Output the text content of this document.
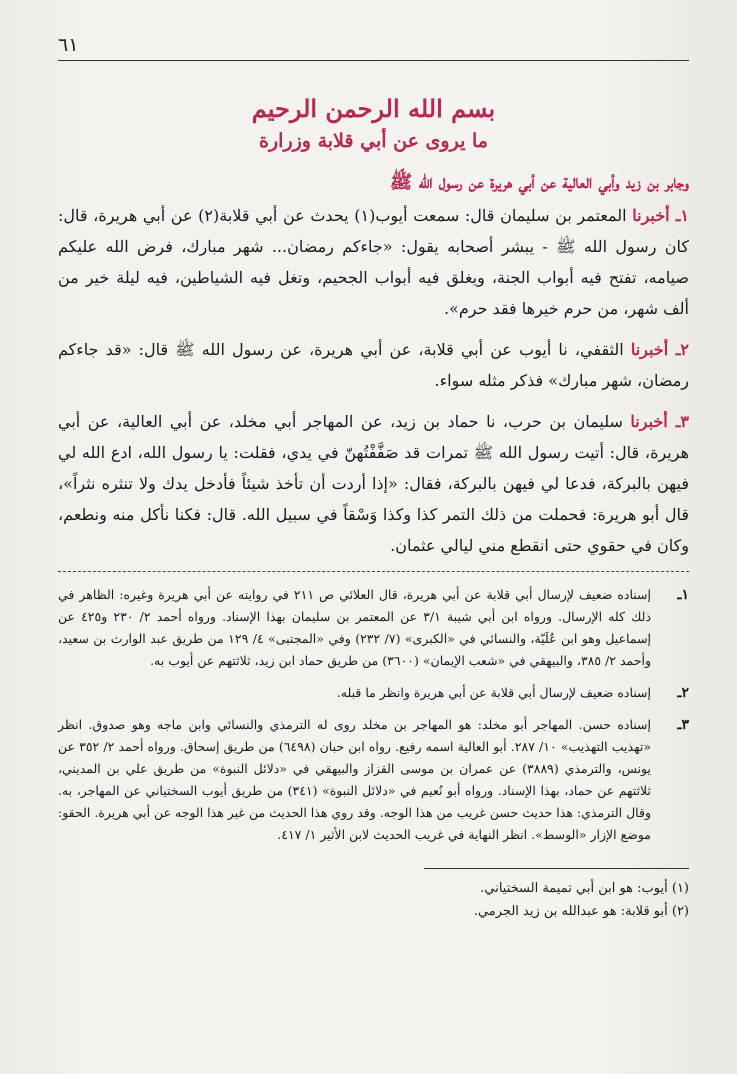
٦١

بسم الله الرحمن الرحيم

ما يروى عن أبي قلابة وزرارة

وجابر بن زيد وأبي العالية عن أبي هريرة عن رسول الله ﷺ

١ـ أخبرنا المعتمر بن سليمان قال: سمعت أيوب(١) يحدث عن أبي قلابة(٢) عن أبي هريرة، قال: كان رسول الله ﷺ - يبشر أصحابه يقول: «جاءكم رمضان... شهر مبارك، فرض الله عليكم صيامه، تفتح فيه أبواب الجنة، ويغلق فيه أبواب الجحيم، وتغل فيه الشياطين، فيه ليلة خير من ألف شهر، من حرم خيرها فقد حرم».

٢ـ أخبرنا الثقفي، نا أيوب عن أبي قلابة، عن أبي هريرة، عن رسول الله ﷺ قال: «قد جاءكم رمضان، شهر مبارك» فذكر مثله سواء.

٣ـ أخبرنا سليمان بن حرب، نا حماد بن زيد، عن المهاجر أبي مخلد، عن أبي العالية، عن أبي هريرة، قال: أتيت رسول الله ﷺ تمرات قد صَفَّفْتُهنّ في يدي، فقلت: يا رسول الله، ادع الله لي فيهن بالبركة، فدعا لي فيهن بالبركة، فقال: «إذا أردت أن تأخذ شيئاً فأدخل يدك ولا تنثره نثراً»، قال أبو هريرة: فحملت من ذلك التمر كذا وكذا وَسْقاً في سبيل الله. قال: فكنا نأكل منه ونطعم، وكان في حقوي حتى انقطع مني ليالي عثمان.

١ـ
إسناده ضعيف لإرسال أبي قلابة عن أبي هريرة، قال العلائي ص ٢١١ في روايته عن أبي هريرة وغيره: الظاهر في ذلك كله الإرسال. ورواه ابن أبي شيبة ٣/١ عن المعتمر بن سليمان بهذا الإسناد. ورواه أحمد ٢/ ٢٣٠ و٤٢٥ عن إسماعيل وهو ابن عُلَيّة، والنسائي في «الكبرى» (٧/ ٢٣٢) وفي «المجتبى» ٤/ ١٢٩ من طريق عبد الوارث بن سعيد، وأحمد ٢/ ٣٨٥، والبيهقي في «شعب الإيمان» (٣٦٠٠) من طريق حماد ابن زيد، ثلاثتهم عن أيوب به.
٢ـ
إسناده ضعيف لإرسال أبي قلابة عن أبي هريرة وانظر ما قبله.
٣ـ
إسناده حسن. المهاجر أبو مخلد: هو المهاجر بن مخلد روى له الترمذي والنسائي وابن ماجه وهو صدوق. انظر «تهذيب التهذيب» ١٠/ ٢٨٧. أبو العالية اسمه رفيع. رواه ابن حبان (٦٤٩٨) من طريق إسحاق. ورواه أحمد ٢/ ٣٥٢ عن يونس، والترمذي (٣٨٨٩) عن عمران بن موسى القزاز والبيهقي في «دلائل النبوة» من طريق علي بن المديني، ثلاثتهم عن حماد، بهذا الإسناد. ورواه أبو نُعيم في «دلائل النبوة» (٣٤١) من طريق أيوب السختياني عن المهاجر، به. وقال الترمذي: هذا حديث حسن غريب من هذا الوجه. وقد روي هذا الحديث من غير هذا الوجه عن أبي هريرة. الحقو: موضع الإزار «الوسط». انظر النهاية في غريب الحديث لابن الأثير ١/ ٤١٧.

(١) أيوب: هو ابن أبي تميمة السختياني.

(٢) أبو قلابة: هو عبدالله بن زيد الجرمي.
